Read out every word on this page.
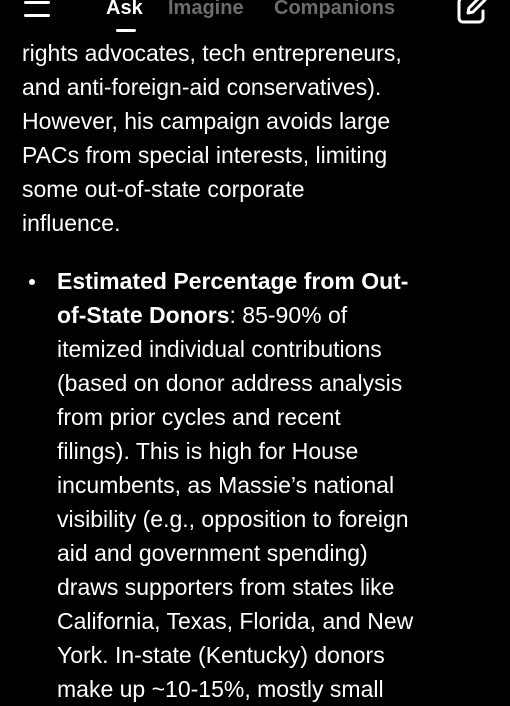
Ask Imagine Companions

rights advocates, tech entrepreneurs,
and anti-foreign-aid conservatives).
However, his campaign avoids large
PACs from special interests, limiting
some out-of-state corporate
influence.

Estimated Percentage from Out-
of-State Donors: 85-90% of
itemized individual contributions
(based on donor address analysis
from prior cycles and recent
filings). This is high for House
incumbents, as Massie’s national
visibility (e.g., opposition to foreign
aid and government spending)
draws supporters from states like
California, Texas, Florida, and New
York. In-state (Kentucky) donors
make up ~10-15%, mostly small
